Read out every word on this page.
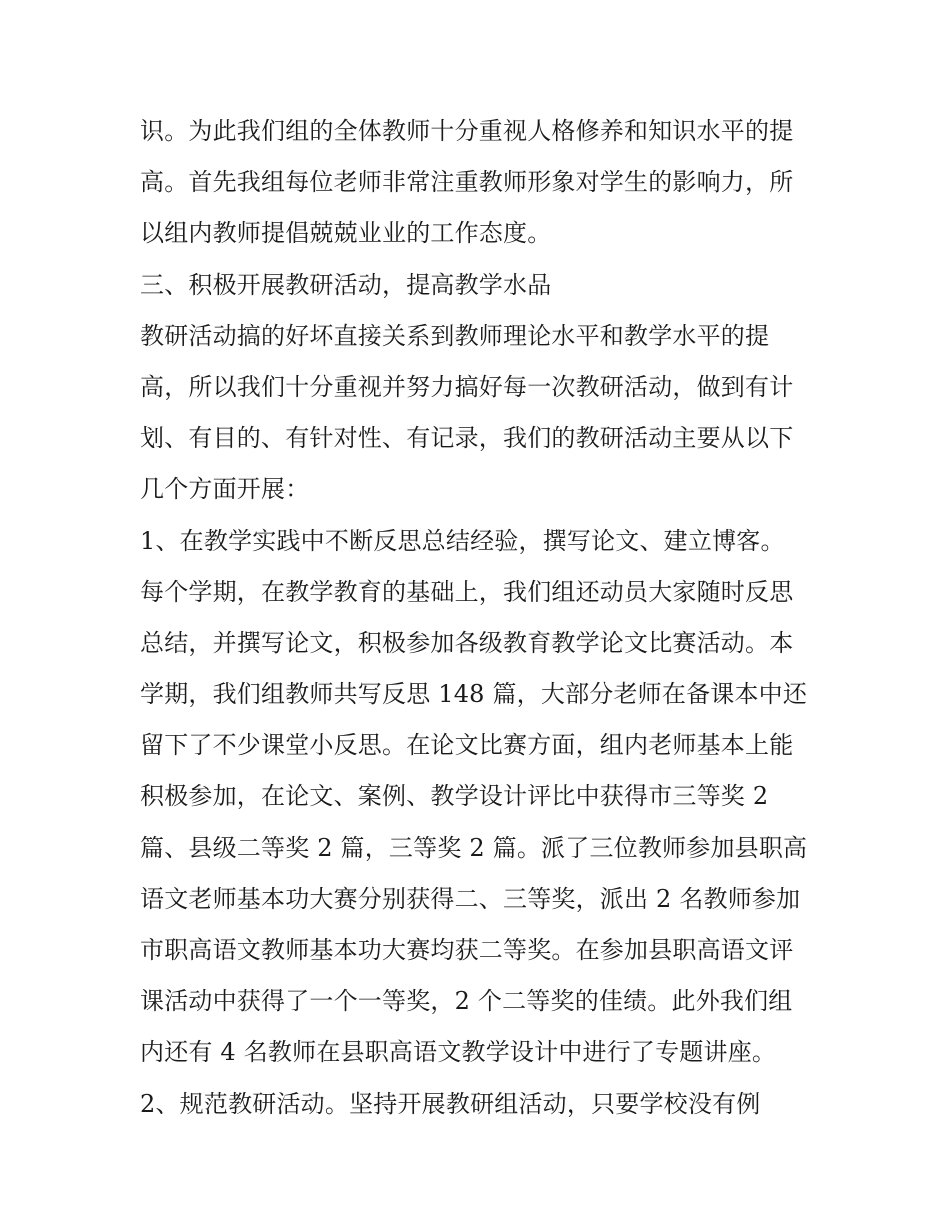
识。为此我们组的全体教师十分重视人格修养和知识水平的提
高。首先我组每位老师非常注重教师形象对学生的影响力，所
以组内教师提倡兢兢业业的工作态度。
三、积极开展教研活动，提高教学水品
教研活动搞的好坏直接关系到教师理论水平和教学水平的提
高，所以我们十分重视并努力搞好每一次教研活动，做到有计
划、有目的、有针对性、有记录，我们的教研活动主要从以下
几个方面开展：
1、在教学实践中不断反思总结经验，撰写论文、建立博客。
每个学期，在教学教育的基础上，我们组还动员大家随时反思
总结，并撰写论文，积极参加各级教育教学论文比赛活动。本
学期，我们组教师共写反思 148 篇，大部分老师在备课本中还
留下了不少课堂小反思。在论文比赛方面，组内老师基本上能
积极参加，在论文、案例、教学设计评比中获得市三等奖 2
篇、县级二等奖 2 篇，三等奖 2 篇。派了三位教师参加县职高
语文老师基本功大赛分别获得二、三等奖，派出 2 名教师参加
市职高语文教师基本功大赛均获二等奖。在参加县职高语文评
课活动中获得了一个一等奖，2 个二等奖的佳绩。此外我们组
内还有 4 名教师在县职高语文教学设计中进行了专题讲座。
2、规范教研活动。坚持开展教研组活动，只要学校没有例
